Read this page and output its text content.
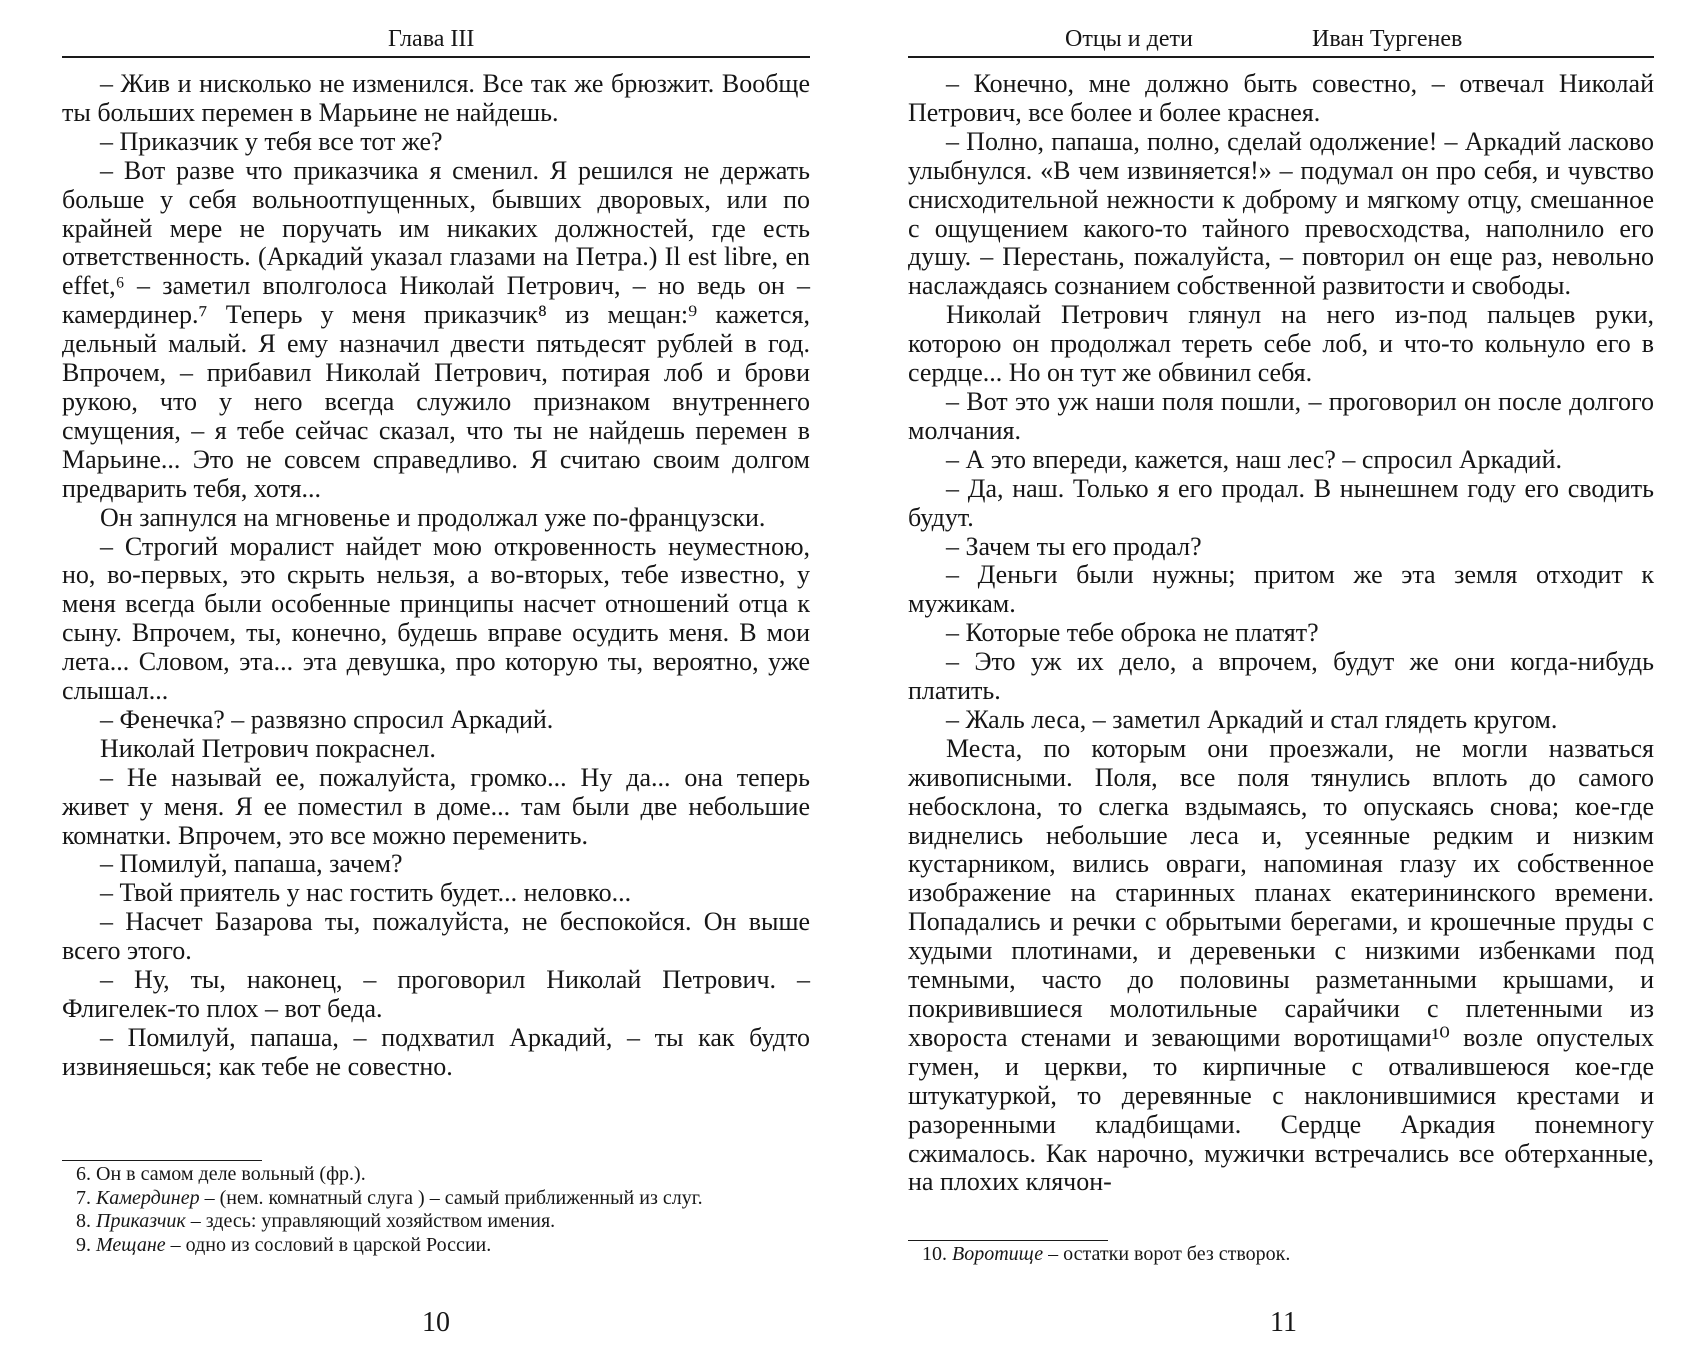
Глава III

– Жив и нисколько не изменился. Все так же брюзжит. Вообще ты больших перемен в Марьине не найдешь.

– Приказчик у тебя все тот же?

– Вот разве что приказчика я сменил. Я решился не держать больше у себя вольноотпущенных, бывших дворовых, или по крайней мере не поручать им никаких должностей, где есть ответственность. (Аркадий указал глазами на Петра.) Il est libre, en effet,⁶ – заметил вполголоса Николай Петрович, – но ведь он – камердинер.⁷ Теперь у меня приказчик⁸ из мещан:⁹ кажется, дельный малый. Я ему назначил двести пятьдесят рублей в год. Впрочем, – прибавил Николай Петрович, потирая лоб и брови рукою, что у него всегда служило признаком внутреннего смущения, – я тебе сейчас сказал, что ты не найдешь перемен в Марьине... Это не совсем справедливо. Я считаю своим долгом предварить тебя, хотя...

Он запнулся на мгновенье и продолжал уже по-французски.

– Строгий моралист найдет мою откровенность неуместною, но, во-первых, это скрыть нельзя, а во-вторых, тебе известно, у меня всегда были особенные принципы насчет отношений отца к сыну. Впрочем, ты, конечно, будешь вправе осудить меня. В мои лета... Словом, эта... эта девушка, про которую ты, вероятно, уже слышал...

– Фенечка? – развязно спросил Аркадий.

Николай Петрович покраснел.

– Не называй ее, пожалуйста, громко... Ну да... она теперь живет у меня. Я ее поместил в доме... там были две небольшие комнатки. Впрочем, это все можно переменить.

– Помилуй, папаша, зачем?

– Твой приятель у нас гостить будет... неловко...

– Насчет Базарова ты, пожалуйста, не беспокойся. Он выше всего этого.

– Ну, ты, наконец, – проговорил Николай Петрович. – Флигелек-то плох – вот беда.

– Помилуй, папаша, – подхватил Аркадий, – ты как будто извиняешься; как тебе не совестно.

6. Он в самом деле вольный (фр.).

7. Камердинер – (нем. комнатный слуга ) – самый приближенный из слуг.

8. Приказчик – здесь: управляющий хозяйством имения.

9. Мещане – одно из сословий в царской России.

10
Отцы и дети	Иван Тургенев

– Конечно, мне должно быть совестно, – отвечал Николай Петрович, все более и более краснея.

– Полно, папаша, полно, сделай одолжение! – Аркадий ласково улыбнулся. «В чем извиняется!» – подумал он про себя, и чувство снисходительной нежности к доброму и мягкому отцу, смешанное с ощущением какого-то тайного превосходства, наполнило его душу. – Перестань, пожалуйста, – повторил он еще раз, невольно наслаждаясь сознанием собственной развитости и свободы.

Николай Петрович глянул на него из-под пальцев руки, которою он продолжал тереть себе лоб, и что-то кольнуло его в сердце... Но он тут же обвинил себя.

– Вот это уж наши поля пошли, – проговорил он после долгого молчания.

– А это впереди, кажется, наш лес? – спросил Аркадий.

– Да, наш. Только я его продал. В нынешнем году его сводить будут.

– Зачем ты его продал?

– Деньги были нужны; притом же эта земля отходит к мужикам.

– Которые тебе оброка не платят?

– Это уж их дело, а впрочем, будут же они когда-нибудь платить.

– Жаль леса, – заметил Аркадий и стал глядеть кругом.

Места, по которым они проезжали, не могли назваться живописными. Поля, все поля тянулись вплоть до самого небосклона, то слегка вздымаясь, то опускаясь снова; кое-где виднелись небольшие леса и, усеянные редким и низким кустарником, вились овраги, напоминая глазу их собственное изображение на старинных планах екатерининского времени. Попадались и речки с обрытыми берегами, и крошечные пруды с худыми плотинами, и деревеньки с низкими избенками под темными, часто до половины разметанными крышами, и покривившиеся молотильные сарайчики с плетенными из хвороста стенами и зевающими воротищами¹⁰ возле опустелых гумен, и церкви, то кирпичные с отвалившеюся кое-где штукатуркой, то деревянные с наклонившимися крестами и разоренными кладбищами. Сердце Аркадия понемногу сжималось. Как нарочно, мужички встречались все обтерханные, на плохих клячон-

10. Воротище – остатки ворот без створок.

11
